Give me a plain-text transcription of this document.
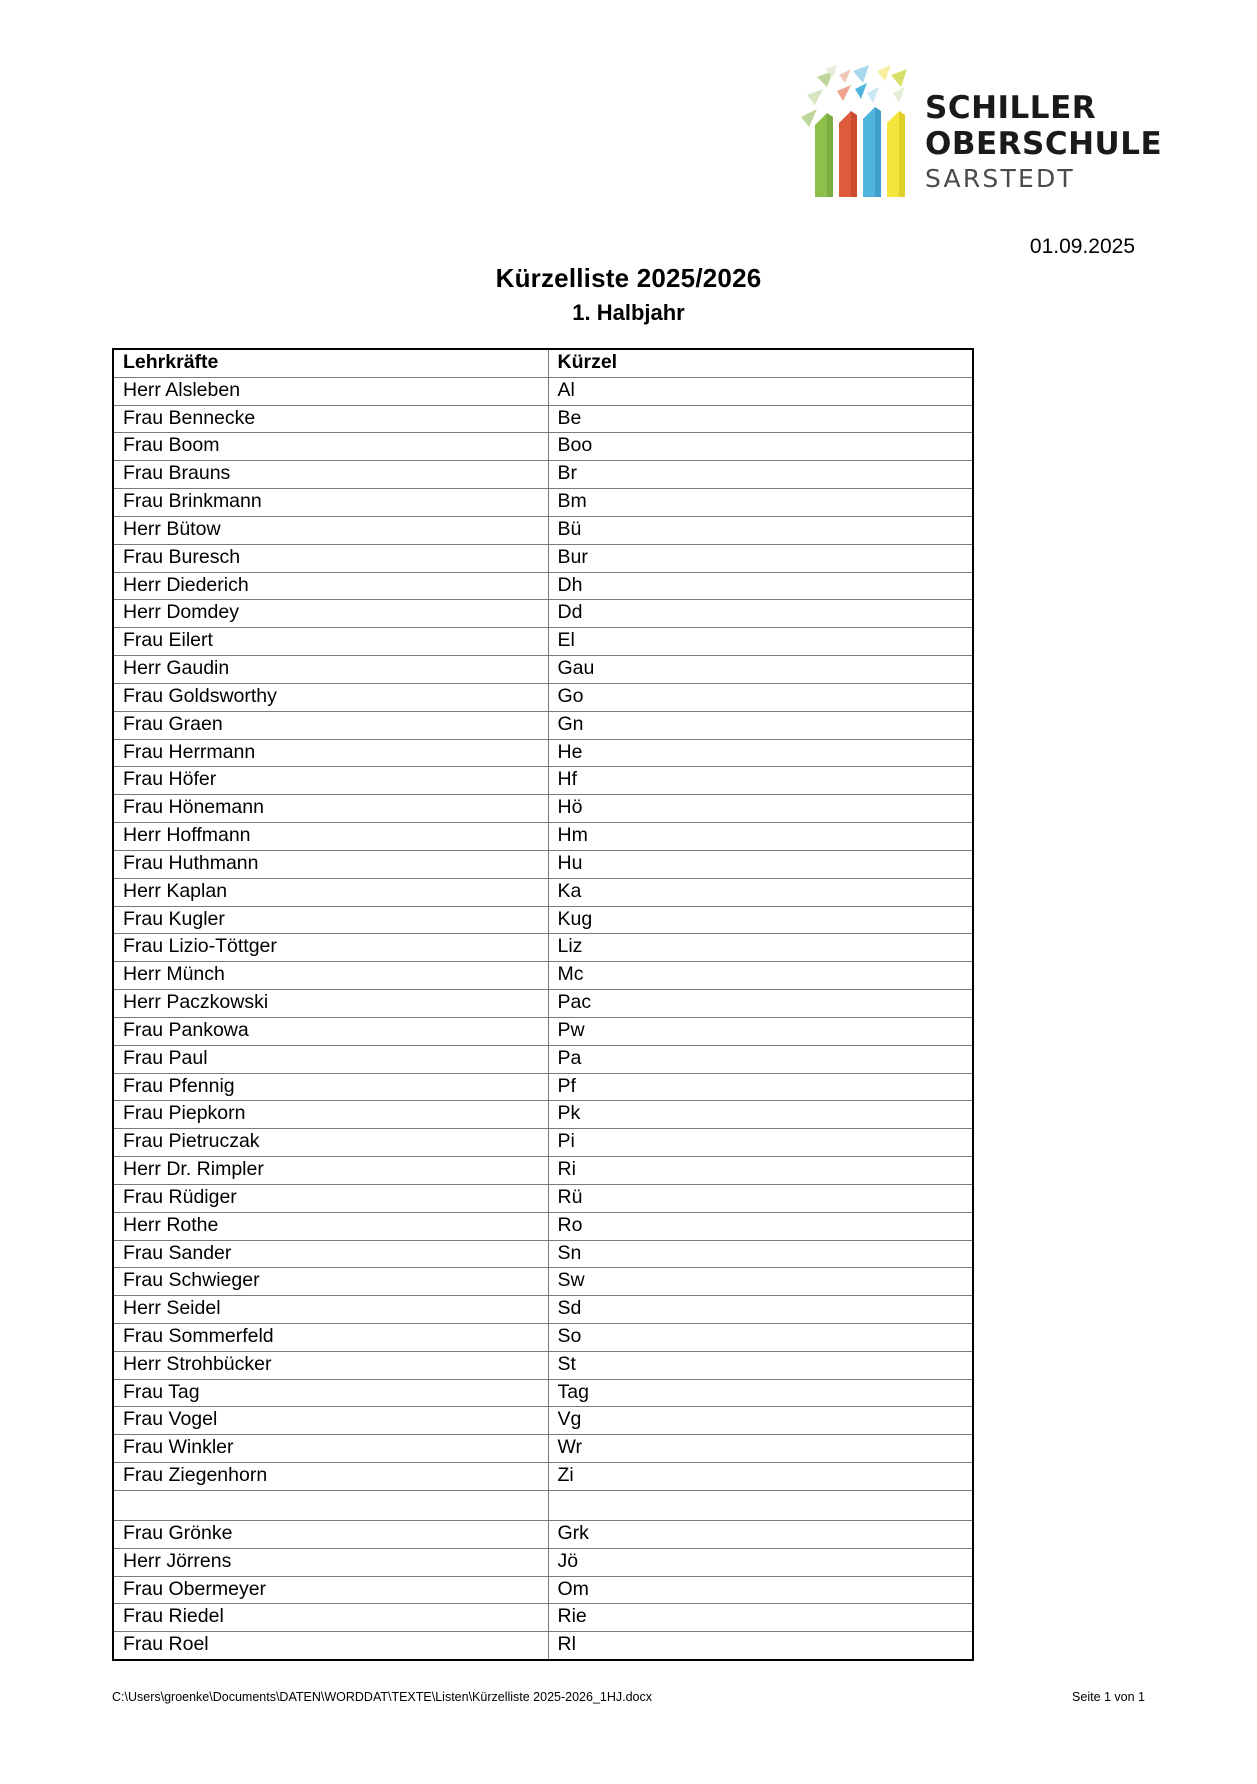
SCHILLER
OBERSCHULE
SARSTEDT
01.09.2025
Kürzelliste 2025/2026
1. Halbjahr
Lehrkräfte	Kürzel
Herr Alsleben	Al
Frau Bennecke	Be
Frau Boom	Boo
Frau Brauns	Br
Frau Brinkmann	Bm
Herr Bütow	Bü
Frau Buresch	Bur
Herr Diederich	Dh
Herr Domdey	Dd
Frau Eilert	El
Herr Gaudin	Gau
Frau Goldsworthy	Go
Frau Graen	Gn
Frau Herrmann	He
Frau Höfer	Hf
Frau Hönemann	Hö
Herr Hoffmann	Hm
Frau Huthmann	Hu
Herr Kaplan	Ka
Frau Kugler	Kug
Frau Lizio-Töttger	Liz
Herr Münch	Mc
Herr Paczkowski	Pac
Frau Pankowa	Pw
Frau Paul	Pa
Frau Pfennig	Pf
Frau Piepkorn	Pk
Frau Pietruczak	Pi
Herr Dr. Rimpler	Ri
Frau Rüdiger	Rü
Herr Rothe	Ro
Frau Sander	Sn
Frau Schwieger	Sw
Herr Seidel	Sd
Frau Sommerfeld	So
Herr Strohbücker	St
Frau Tag	Tag
Frau Vogel	Vg
Frau Winkler	Wr
Frau Ziegenhorn	Zi

Frau Grönke	Grk
Herr Jörrens	Jö
Frau Obermeyer	Om
Frau Riedel	Rie
Frau Roel	Rl
C:\Users\groenke\Documents\DATEN\WORDDAT\TEXTE\Listen\Kürzelliste 2025-2026_1HJ.docx	Seite 1 von 1
